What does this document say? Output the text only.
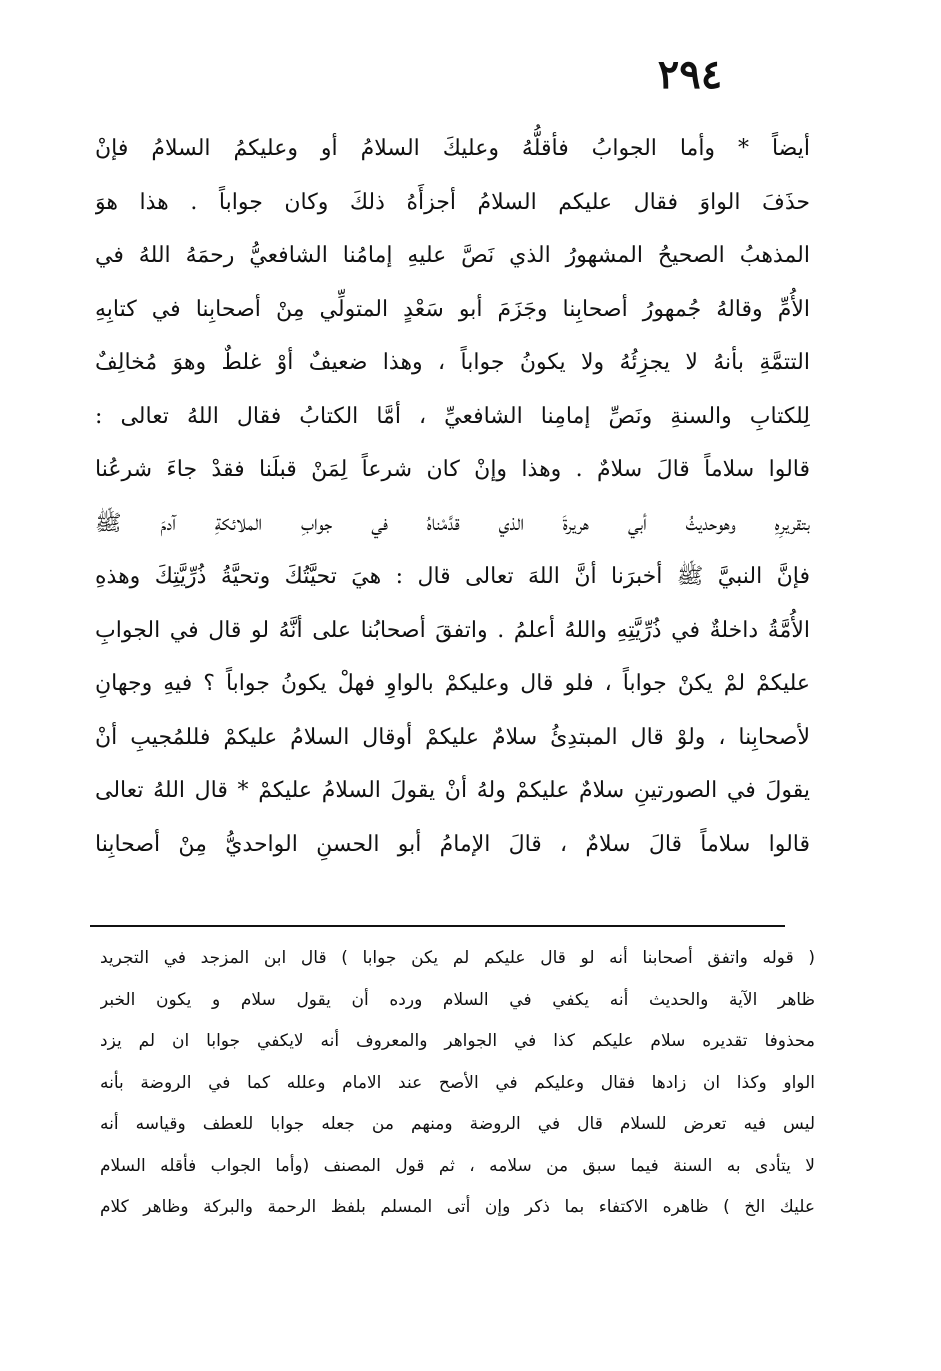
٢٩٤
أيضاً * وأما الجوابُ فأقلُّهُ وعليكَ السلامُ أو وعليكمُ السلامُ فإنْ
حذَفَ الواوَ فقال عليكم السلامُ أجزأَهُ ذلكَ وكان جواباً . هذا هوَ
المذهبُ الصحيحُ المشهورُ الذي نَصَّ عليهِ إمامُنا الشافعيُّ رحمَهُ اللهُ في
الأُمِّ وقالهُ جُمهورُ أصحابِنا وجَزَمَ أبو سَعْدٍ المتولِّي مِنْ أصحابِنا في كتابِهِ
التتمَّةِ بأنهُ لا يجزِئُهُ ولا يكونُ جواباً ، وهذا ضعيفٌ أوْ غلطٌ وهوَ مُخالِفٌ
لِلكتابِ والسنةِ ونَصِّ إمامِنا الشافعيِّ ، أمَّا الكتابُ فقال اللهُ تعالى :
قالوا سلاماً قالَ سلامٌ . وهذا وإنْ كان شرعاً لِمَنْ قبلَنا فقدْ جاءَ شرعُنا
بتقريرِهِ وهوحديثُ أبي هريرةَ الذي قدَّمْناهُ في جوابِ الملائكةِ آدمَ ﷺ
فإنَّ النبيَّ ﷺ أخبرَنا أنَّ اللهَ تعالى قال : هيَ تحيَّتُكَ وتحيَّةُ ذُرِّيَّتِكَ وهذهِ
الأُمَّةُ داخلةٌ في ذُرِّيَّتِهِ واللهُ أعلمُ . واتفقَ أصحابُنا على أنَّهُ لو قال في الجوابِ
عليكمْ لمْ يكنْ جواباً ، فلو قال وعليكمْ بالواوِ فهلْ يكونُ جواباً ؟ فيهِ وجهانِ
لأصحابِنا ، ولوْ قال المبتدِئُ سلامٌ عليكمْ أوقال السلامُ عليكمْ فللمُجيبِ أنْ
يقولَ في الصورتينِ سلامٌ عليكمْ ولهُ أنْ يقولَ السلامُ عليكمْ * قال اللهُ تعالى
قالوا سلاماً قالَ سلامٌ ، قالَ الإمامُ أبو الحسنِ الواحديُّ مِنْ أصحابِنا
( قوله واتفق أصحابنا أنه لو قال عليكم لم يكن جوابا ) قال ابن المزجد في التجريد
ظاهر الآية والحديث أنه يكفي في السلام ورده أن يقول سلام و يكون الخبر
محذوفا تقديره سلام عليكم كذا في الجواهر والمعروف أنه لايكفي جوابا ان لم يزد
الواو وكذا ان زادها فقال وعليكم في الأصح عند الامام وعلله كما في الروضة بأنه
ليس فيه تعرض للسلام قال في الروضة ومنهم من جعله جوابا للعطف وقياسه أنه
لا يتأدى به السنة فيما سبق من سلامه ، ثم قول المصنف (وأما الجواب فأقله السلام
عليك الخ ) ظاهره الاكتفاء بما ذكر وإن أتى المسلم بلفظ الرحمة والبركة وظاهر كلام
